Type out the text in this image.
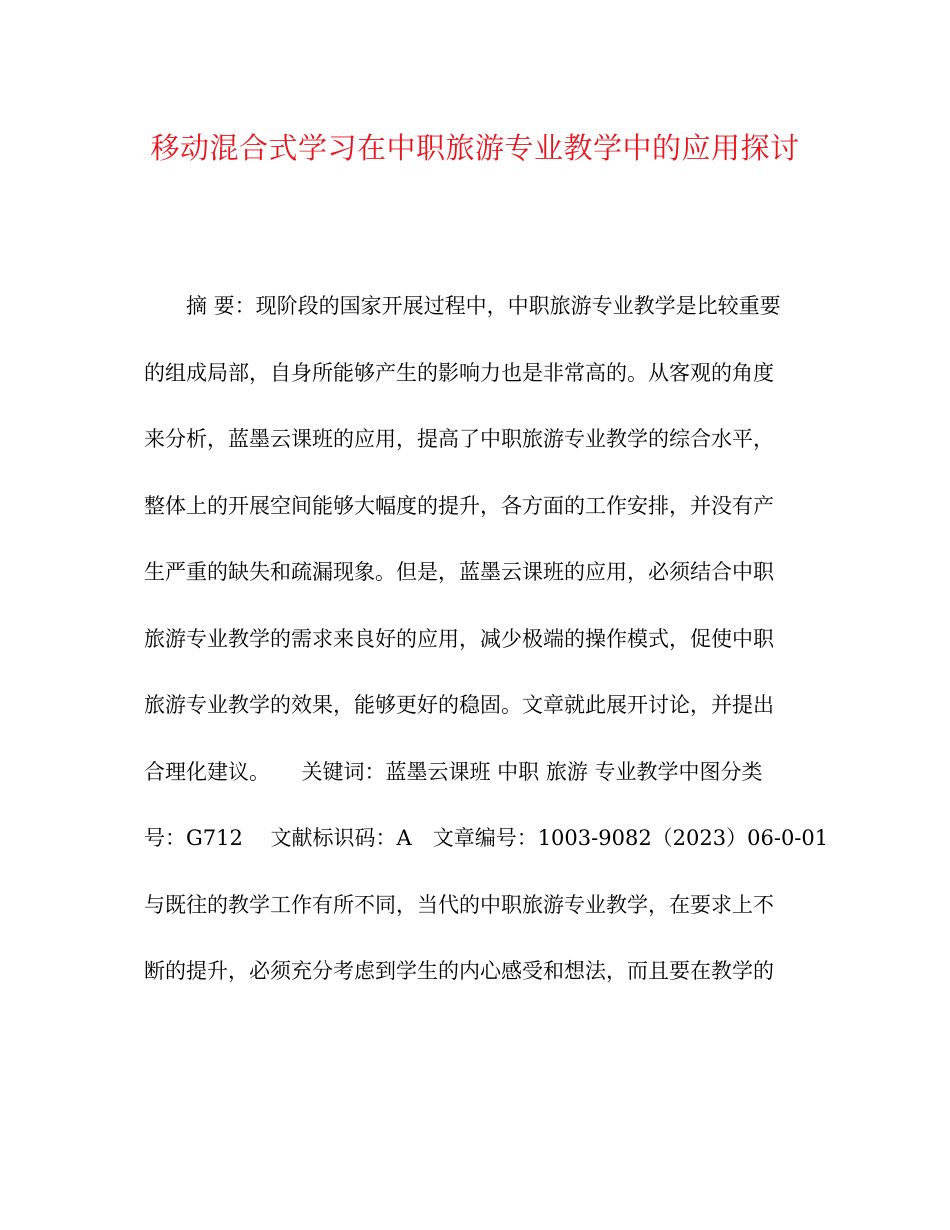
移动混合式学习在中职旅游专业教学中的应用探讨
摘 要：现阶段的国家开展过程中，中职旅游专业教学是比较重要
的组成局部，自身所能够产生的影响力也是非常高的。从客观的角度
来分析，蓝墨云课班的应用，提高了中职旅游专业教学的综合水平，
整体上的开展空间能够大幅度的提升，各方面的工作安排，并没有产
生严重的缺失和疏漏现象。但是，蓝墨云课班的应用，必须结合中职
旅游专业教学的需求来良好的应用，减少极端的操作模式，促使中职
旅游专业教学的效果，能够更好的稳固。文章就此展开讨论，并提出
合理化建议。　　关键词：蓝墨云课班 中职 旅游 专业教学中图分类
号：G712　 文献标识码：A　文章编号：1003-9082（2023）06-0-01
与既往的教学工作有所不同，当代的中职旅游专业教学，在要求上不
断的提升，必须充分考虑到学生的内心感受和想法，而且要在教学的
